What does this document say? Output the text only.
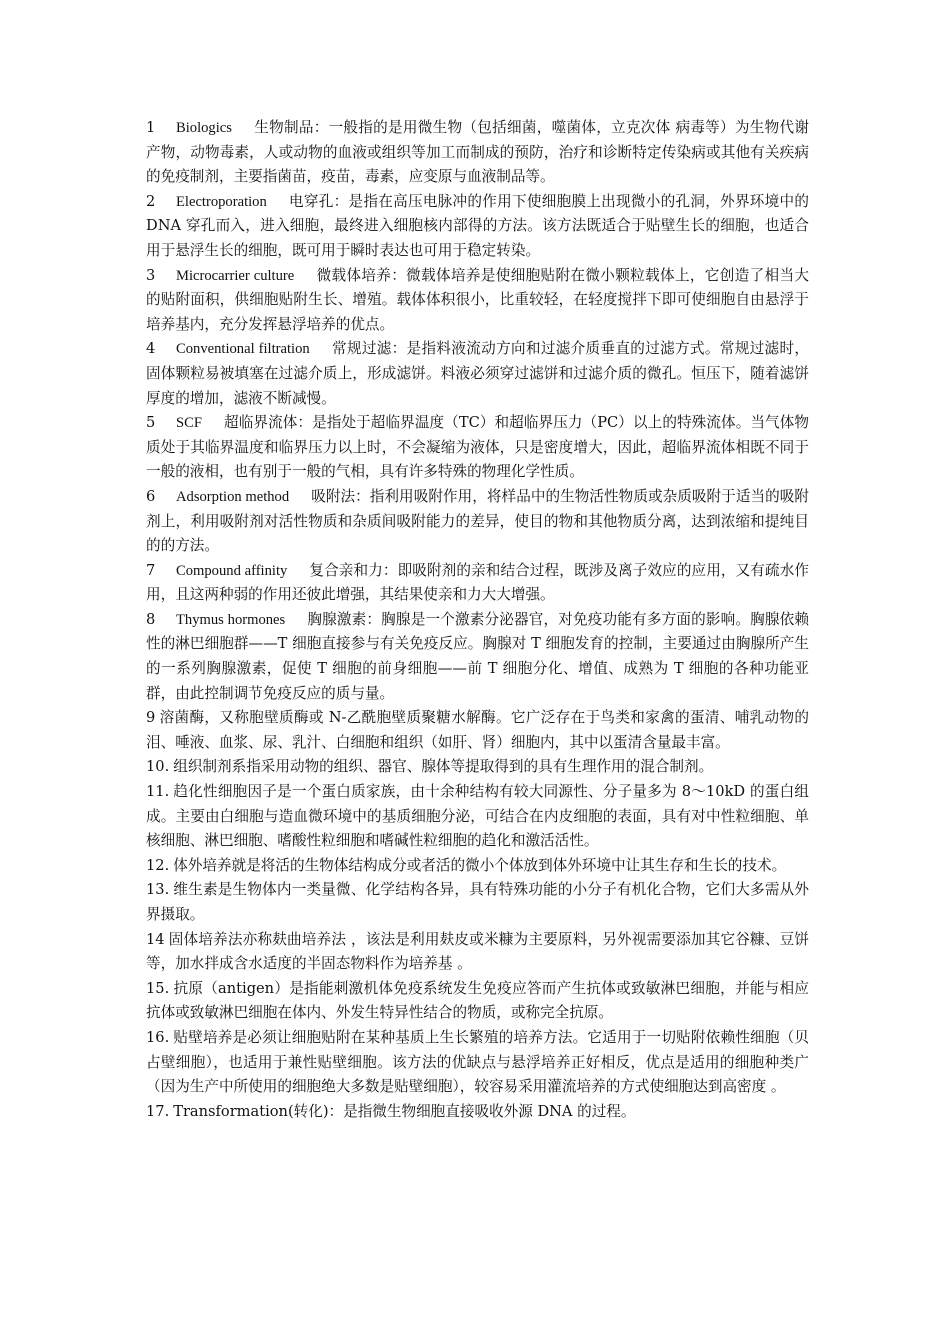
1 Biologics 生物制品：一般指的是用微生物（包括细菌，噬菌体，立克次体 病毒等）为生物代谢产物，动物毒素，人或动物的血液或组织等加工而制成的预防，治疗和诊断特定传染病或其他有关疾病的免疫制剂，主要指菌苗，疫苗，毒素，应变原与血液制品等。

2 Electroporation 电穿孔：是指在高压电脉冲的作用下使细胞膜上出现微小的孔洞，外界环境中的 DNA 穿孔而入，进入细胞，最终进入细胞核内部得的方法。该方法既适合于贴壁生长的细胞，也适合用于悬浮生长的细胞，既可用于瞬时表达也可用于稳定转染。

3 Microcarrier culture 微载体培养：微载体培养是使细胞贴附在微小颗粒载体上，它创造了相当大的贴附面积，供细胞贴附生长、增殖。载体体积很小，比重较轻，在轻度搅拌下即可使细胞自由悬浮于培养基内，充分发挥悬浮培养的优点。

4 Conventional filtration 常规过滤：是指料液流动方向和过滤介质垂直的过滤方式。常规过滤时，固体颗粒易被填塞在过滤介质上，形成滤饼。料液必须穿过滤饼和过滤介质的微孔。恒压下，随着滤饼厚度的增加，滤液不断减慢。

5 SCF 超临界流体：是指处于超临界温度（TC）和超临界压力（PC）以上的特殊流体。当气体物质处于其临界温度和临界压力以上时，不会凝缩为液体，只是密度增大，因此，超临界流体相既不同于一般的液相，也有别于一般的气相，具有许多特殊的物理化学性质。

6 Adsorption method 吸附法：指利用吸附作用，将样品中的生物活性物质或杂质吸附于适当的吸附剂上，利用吸附剂对活性物质和杂质间吸附能力的差异，使目的物和其他物质分离，达到浓缩和提纯目的的方法。

7 Compound affinity 复合亲和力：即吸附剂的亲和结合过程，既涉及离子效应的应用，又有疏水作用，且这两种弱的作用还彼此增强，其结果使亲和力大大增强。

8 Thymus hormones 胸腺激素：胸腺是一个激素分泌器官，对免疫功能有多方面的影响。胸腺依赖性的淋巴细胞群——T 细胞直接参与有关免疫反应。胸腺对 T 细胞发育的控制，主要通过由胸腺所产生的一系列胸腺激素，促使 T 细胞的前身细胞——前 T 细胞分化、增值、成熟为 T 细胞的各种功能亚群，由此控制调节免疫反应的质与量。

9 溶菌酶，又称胞壁质酶或 N-乙酰胞壁质聚糖水解酶。它广泛存在于鸟类和家禽的蛋清、哺乳动物的泪、唾液、血浆、尿、乳汁、白细胞和组织（如肝、肾）细胞内，其中以蛋清含量最丰富。

10. 组织制剂系指采用动物的组织、器官、腺体等提取得到的具有生理作用的混合制剂。

11. 趋化性细胞因子是一个蛋白质家族，由十余种结构有较大同源性、分子量多为 8～10kD 的蛋白组成。主要由白细胞与造血微环境中的基质细胞分泌，可结合在内皮细胞的表面，具有对中性粒细胞、单核细胞、淋巴细胞、嗜酸性粒细胞和嗜碱性粒细胞的趋化和激活活性。

12. 体外培养就是将活的生物体结构成分或者活的微小个体放到体外环境中让其生存和生长的技术。

13. 维生素是生物体内一类量微、化学结构各异，具有特殊功能的小分子有机化合物，它们大多需从外界摄取。

14 固体培养法亦称麸曲培养法 ，该法是利用麸皮或米糠为主要原料，另外视需要添加其它谷糠、豆饼等，加水拌成含水适度的半固态物料作为培养基 。

15. 抗原（antigen）是指能刺激机体免疫系统发生免疫应答而产生抗体或致敏淋巴细胞，并能与相应抗体或致敏淋巴细胞在体内、外发生特异性结合的物质，或称完全抗原。

16. 贴壁培养是必须让细胞贴附在某种基质上生长繁殖的培养方法。它适用于一切贴附依赖性细胞（贝占壁细胞），也适用于兼性贴壁细胞。该方法的优缺点与悬浮培养正好相反，优点是适用的细胞种类广（因为生产中所使用的细胞绝大多数是贴壁细胞），较容易采用灌流培养的方式使细胞达到高密度 。

17. Transformation(转化)：是指微生物细胞直接吸收外源 DNA 的过程。
